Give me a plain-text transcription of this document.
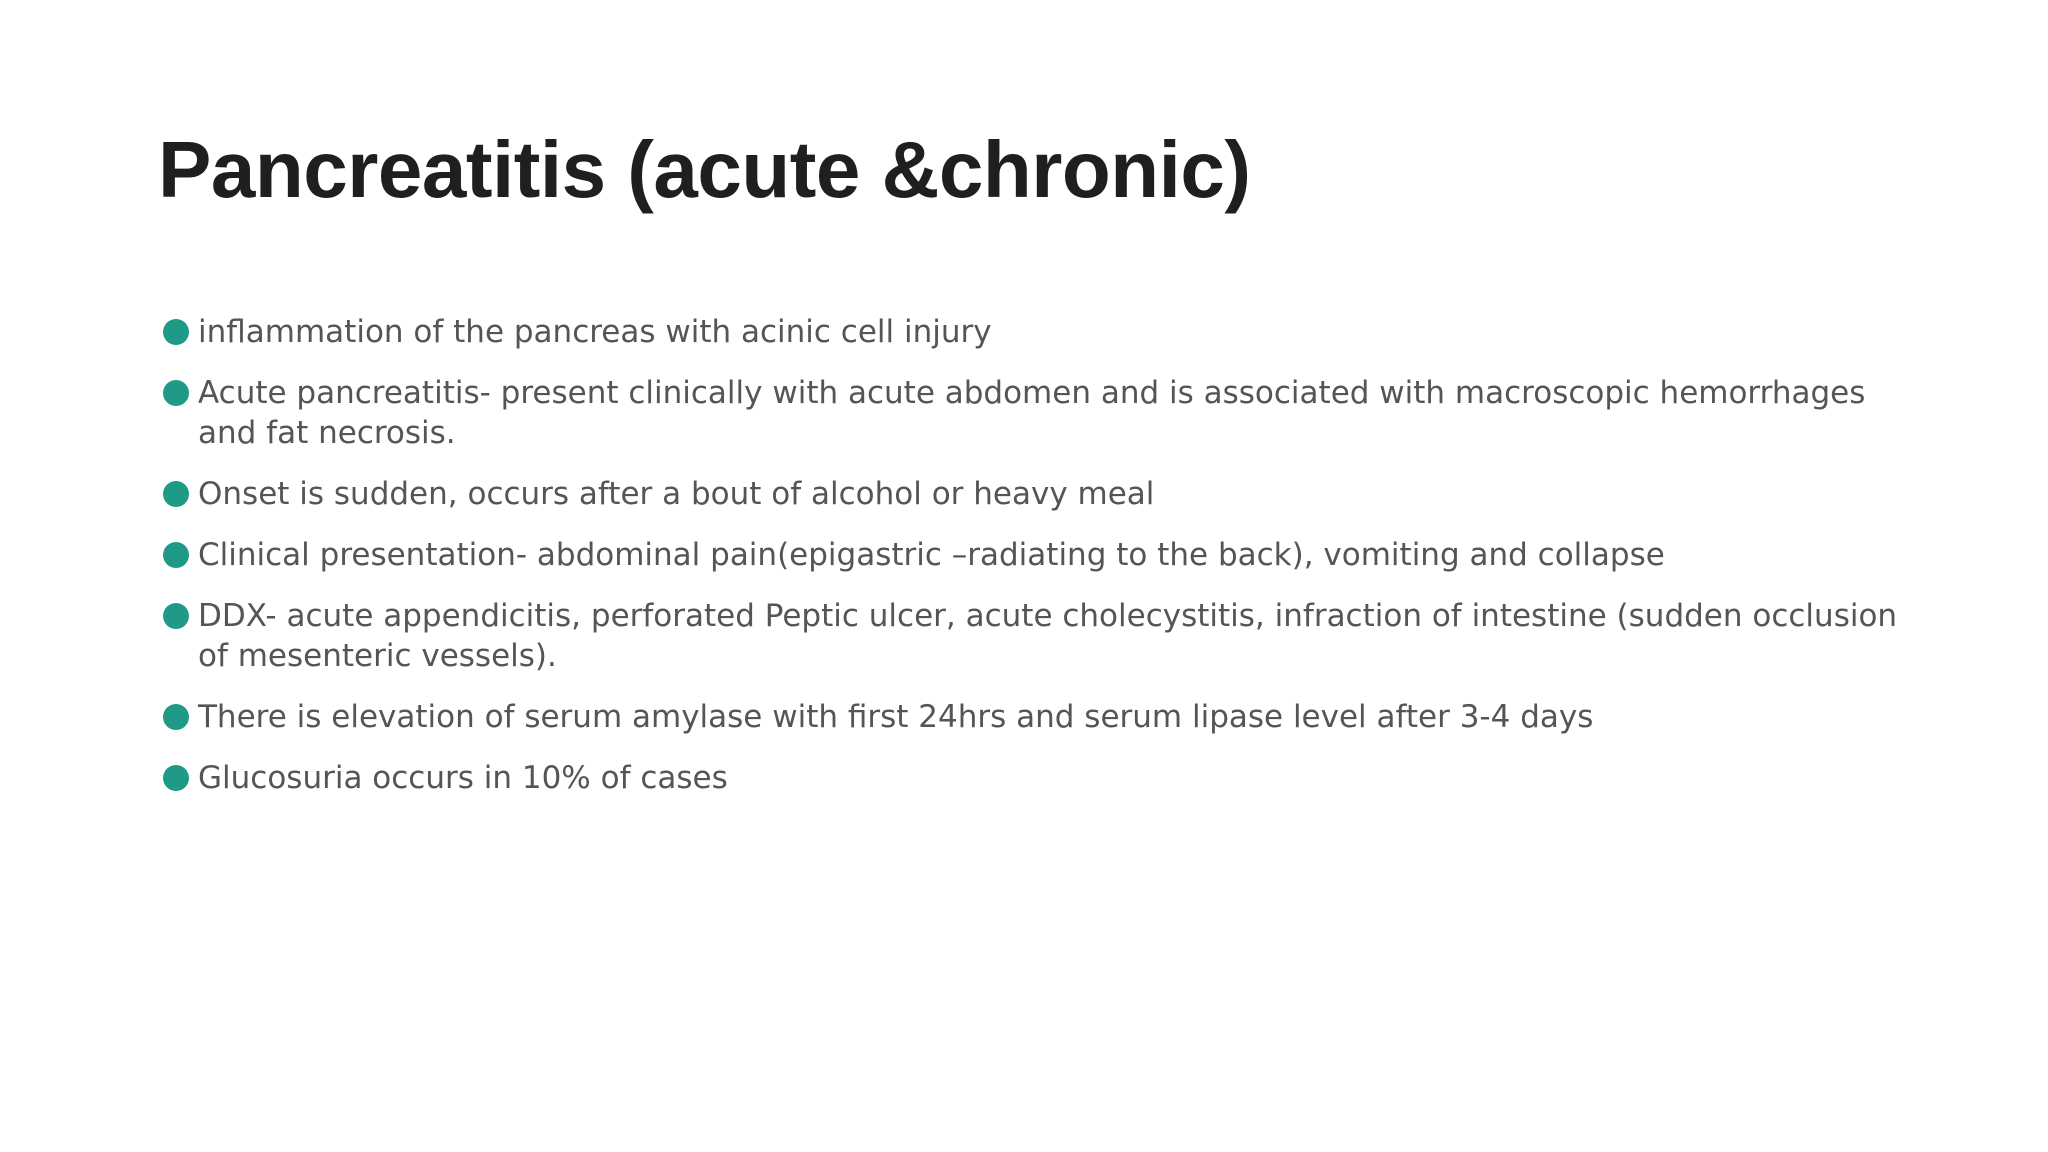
Pancreatitis (acute &chronic)
inflammation of the pancreas with acinic cell injury
Acute pancreatitis- present clinically with acute abdomen and is associated with macroscopic hemorrhages and fat necrosis.
Onset is sudden, occurs after a bout of alcohol or heavy meal
Clinical presentation- abdominal pain(epigastric –radiating to the back), vomiting and collapse
DDX- acute appendicitis, perforated Peptic ulcer, acute cholecystitis, infraction of intestine (sudden occlusion of mesenteric vessels).
There is elevation of serum amylase with first 24hrs and serum lipase level after 3-4 days
Glucosuria occurs in 10% of cases
